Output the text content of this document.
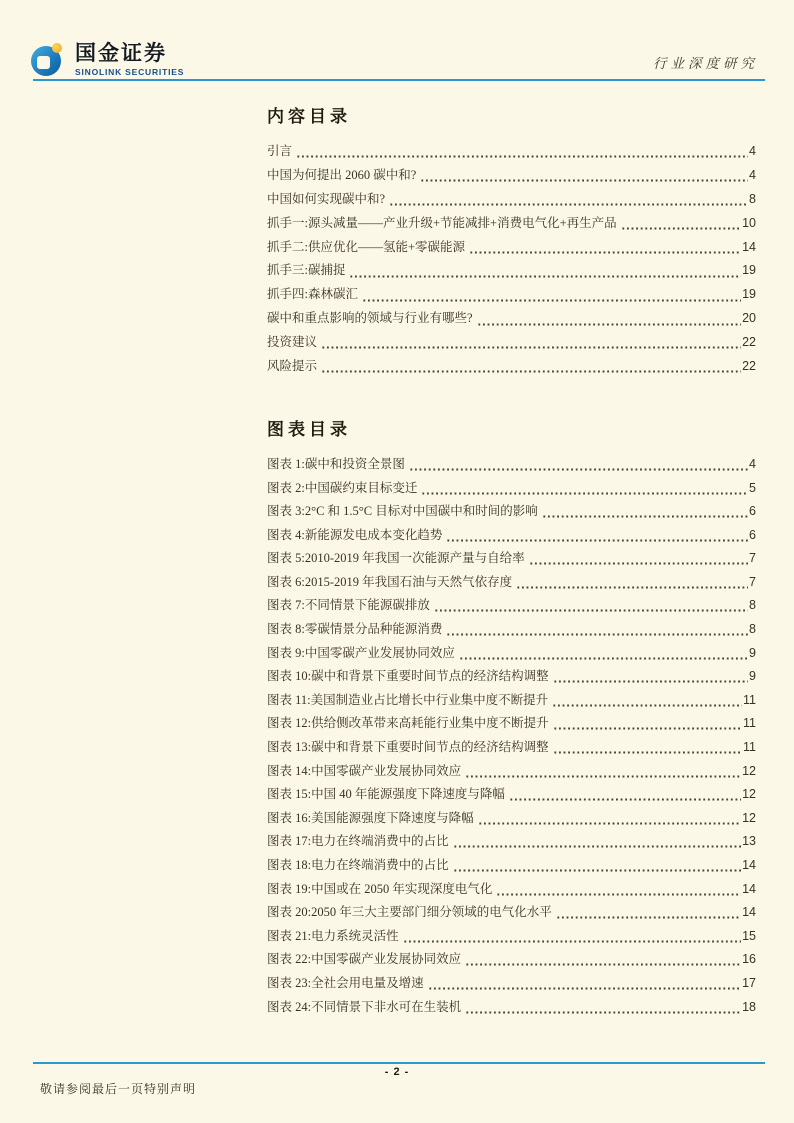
国金证券
SINOLINK SECURITIES
行业深度研究
内容目录
引言	4
中国为何提出 2060 碳中和?	4
中国如何实现碳中和?	8
抓手一:源头减量——产业升级+节能减排+消费电气化+再生产品	10
抓手二:供应优化——氢能+零碳能源	14
抓手三:碳捕捉	19
抓手四:森林碳汇	19
碳中和重点影响的领域与行业有哪些?	20
投资建议	22
风险提示	22
图表目录
图表 1:碳中和投资全景图	4
图表 2:中国碳约束目标变迁	5
图表 3:2°C 和 1.5°C 目标对中国碳中和时间的影响	6
图表 4:新能源发电成本变化趋势	6
图表 5:2010-2019 年我国一次能源产量与自给率	7
图表 6:2015-2019 年我国石油与天然气依存度	7
图表 7:不同情景下能源碳排放	8
图表 8:零碳情景分品种能源消费	8
图表 9:中国零碳产业发展协同效应	9
图表 10:碳中和背景下重要时间节点的经济结构调整	9
图表 11:美国制造业占比增长中行业集中度不断提升	11
图表 12:供给侧改革带来高耗能行业集中度不断提升	11
图表 13:碳中和背景下重要时间节点的经济结构调整	11
图表 14:中国零碳产业发展协同效应	12
图表 15:中国 40 年能源强度下降速度与降幅	12
图表 16:美国能源强度下降速度与降幅	12
图表 17:电力在终端消费中的占比	13
图表 18:电力在终端消费中的占比	14
图表 19:中国或在 2050 年实现深度电气化	14
图表 20:2050 年三大主要部门细分领域的电气化水平	14
图表 21:电力系统灵活性	15
图表 22:中国零碳产业发展协同效应	16
图表 23:全社会用电量及增速	17
图表 24:不同情景下非水可在生装机	18
- 2 -
敬请参阅最后一页特别声明
